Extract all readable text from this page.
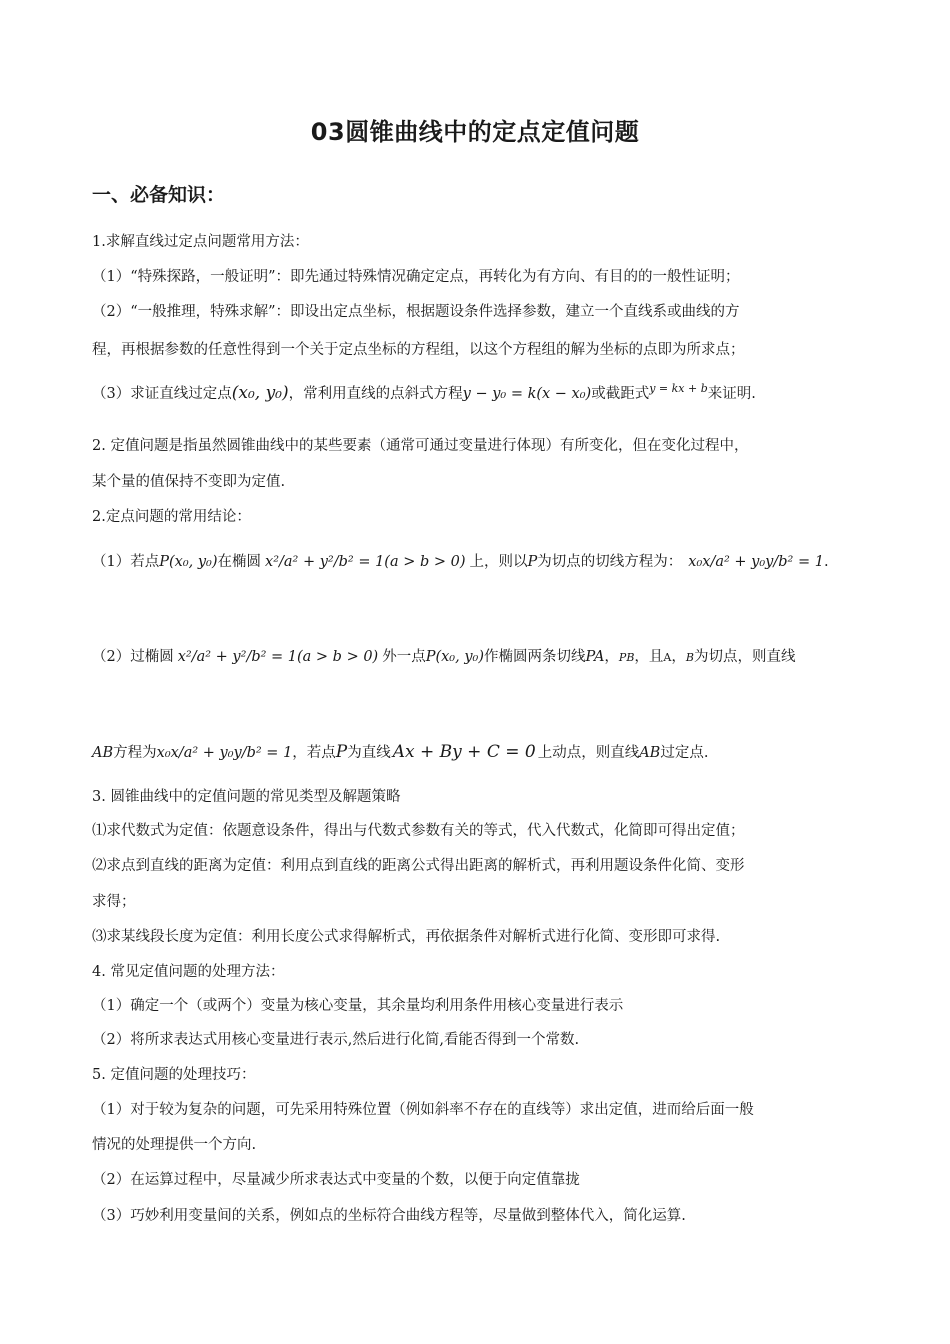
03圆锥曲线中的定点定值问题
一、必备知识：
1.求解直线过定点问题常用方法：
（1）“特殊探路，一般证明”：即先通过特殊情况确定定点，再转化为有方向、有目的的一般性证明；
（2）“一般推理，特殊求解”：即设出定点坐标，根据题设条件选择参数，建立一个直线系或曲线的方
程，再根据参数的任意性得到一个关于定点坐标的方程组，以这个方程组的解为坐标的点即为所求点；
（3）求证直线过定点(x₀, y₀)，常利用直线的点斜式方程y − y₀ = k(x − x₀)或截距式$^{y = kx + b}$来证明.
2. 定值问题是指虽然圆锥曲线中的某些要素（通常可通过变量进行体现）有所变化，但在变化过程中，
某个量的值保持不变即为定值.
2.定点问题的常用结论：
（1）若点P(x₀, y₀)在椭圆 x²/a² + y²/b² = 1(a > b > 0) 上，则以P为切点的切线方程为： x₀x/a² + y₀y/b² = 1.
（2）过椭圆 x²/a² + y²/b² = 1(a > b > 0) 外一点P(x₀, y₀)作椭圆两条切线PA，PB，且A，B为切点，则直线
AB方程为x₀x/a² + y₀y/b² = 1，若点P为直线 Ax + By + C = 0 上动点，则直线AB过定点.
3. 圆锥曲线中的定值问题的常见类型及解题策略
⑴求代数式为定值：依题意设条件，得出与代数式参数有关的等式，代入代数式，化简即可得出定值；
⑵求点到直线的距离为定值：利用点到直线的距离公式得出距离的解析式，再利用题设条件化简、变形
求得；
⑶求某线段长度为定值：利用长度公式求得解析式，再依据条件对解析式进行化简、变形即可求得.
4. 常见定值问题的处理方法：
（1）确定一个（或两个）变量为核心变量，其余量均利用条件用核心变量进行表示
（2）将所求表达式用核心变量进行表示,然后进行化简,看能否得到一个常数.
5. 定值问题的处理技巧：
（1）对于较为复杂的问题，可先采用特殊位置（例如斜率不存在的直线等）求出定值，进而给后面一般
情况的处理提供一个方向.
（2）在运算过程中，尽量减少所求表达式中变量的个数，以便于向定值靠拢
（3）巧妙利用变量间的关系，例如点的坐标符合曲线方程等，尽量做到整体代入，简化运算.
